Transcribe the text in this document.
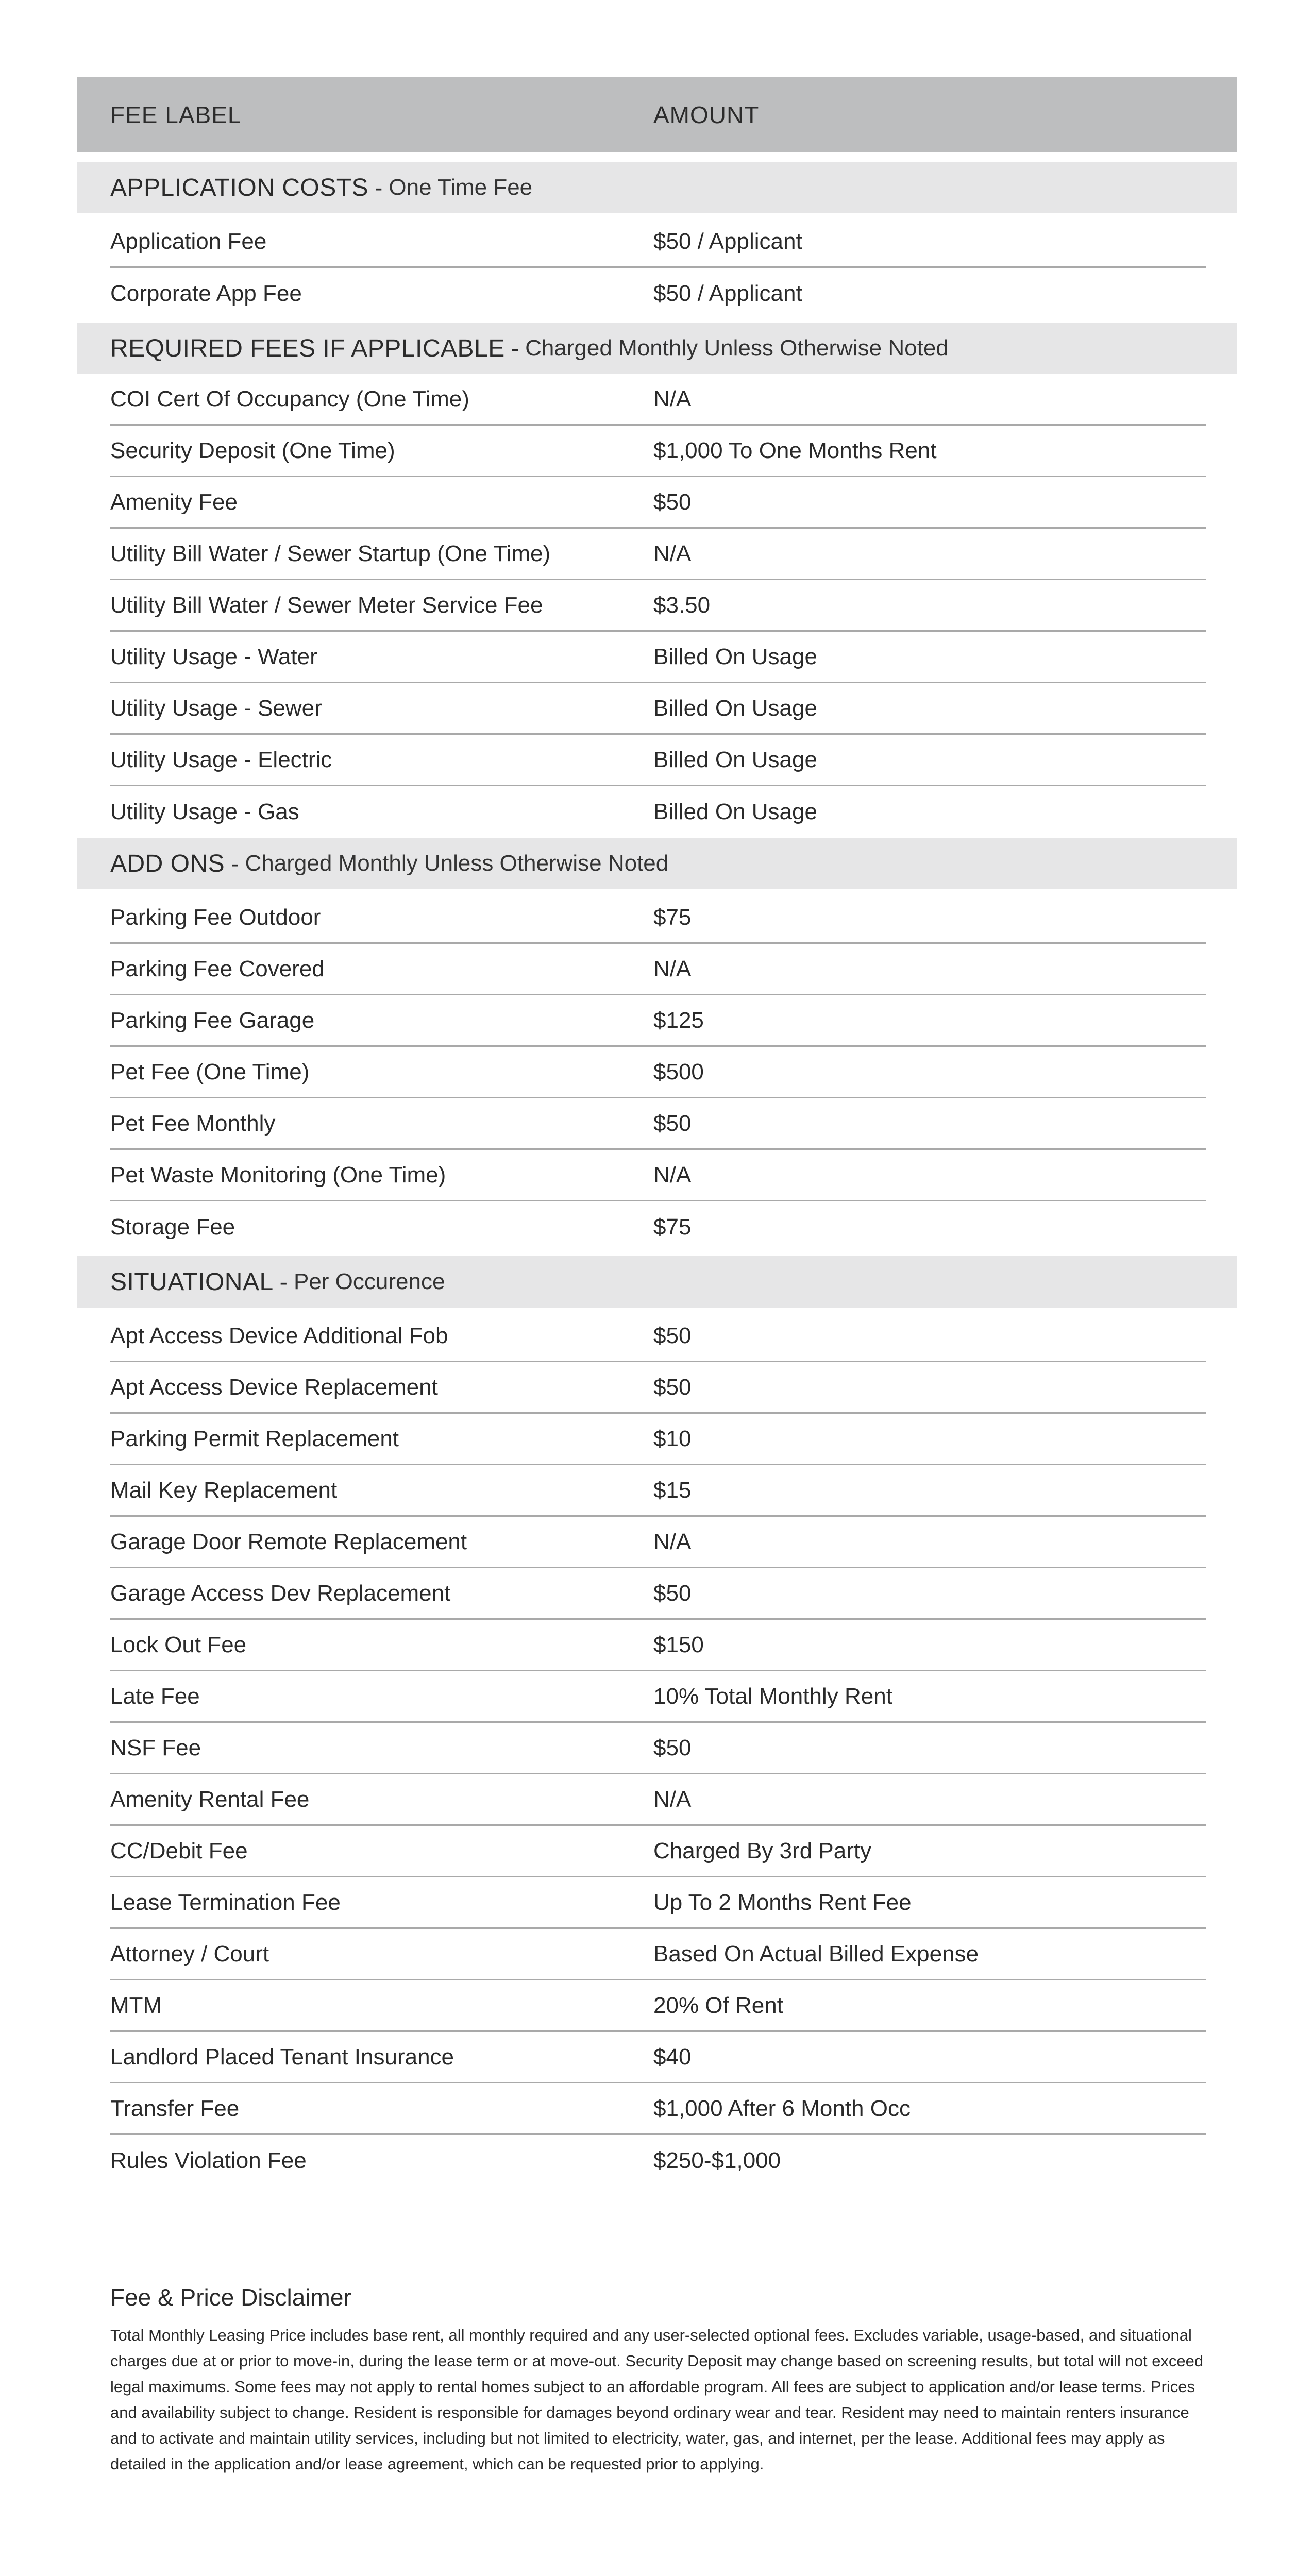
FEE LABEL	AMOUNT
APPLICATION COSTS - One Time Fee
Application Fee	$50 / Applicant
Corporate App Fee	$50 / Applicant
REQUIRED FEES IF APPLICABLE - Charged Monthly Unless Otherwise Noted
COI Cert Of Occupancy (One Time)	N/A
Security Deposit (One Time)	$1,000 To One Months Rent
Amenity Fee	$50
Utility Bill Water / Sewer Startup (One Time)	N/A
Utility Bill Water / Sewer Meter Service Fee	$3.50
Utility Usage - Water	Billed On Usage
Utility Usage - Sewer	Billed On Usage
Utility Usage - Electric	Billed On Usage
Utility Usage - Gas	Billed On Usage
ADD ONS - Charged Monthly Unless Otherwise Noted
Parking Fee Outdoor	$75
Parking Fee Covered	N/A
Parking Fee Garage	$125
Pet Fee (One Time)	$500
Pet Fee Monthly	$50
Pet Waste Monitoring (One Time)	N/A
Storage Fee	$75
SITUATIONAL - Per Occurence
Apt Access Device Additional Fob	$50
Apt Access Device Replacement	$50
Parking Permit Replacement	$10
Mail Key Replacement	$15
Garage Door Remote Replacement	N/A
Garage Access Dev Replacement	$50
Lock Out Fee	$150
Late Fee	10% Total Monthly Rent
NSF Fee	$50
Amenity Rental Fee	N/A
CC/Debit Fee	Charged By 3rd Party
Lease Termination Fee	Up To 2 Months Rent Fee
Attorney / Court	Based On Actual Billed Expense
MTM	20% Of Rent
Landlord Placed Tenant Insurance	$40
Transfer Fee	$1,000 After 6 Month Occ
Rules Violation Fee	$250-$1,000
Fee & Price Disclaimer
Total Monthly Leasing Price includes base rent, all monthly required and any user-selected optional fees. Excludes variable, usage-based, and situational charges due at or prior to move-in, during the lease term or at move-out. Security Deposit may change based on screening results, but total will not exceed legal maximums. Some fees may not apply to rental homes subject to an affordable program. All fees are subject to application and/or lease terms. Prices and availability subject to change. Resident is responsible for damages beyond ordinary wear and tear. Resident may need to maintain renters insurance and to activate and maintain utility services, including but not limited to electricity, water, gas, and internet, per the lease. Additional fees may apply as detailed in the application and/or lease agreement, which can be requested prior to applying.
